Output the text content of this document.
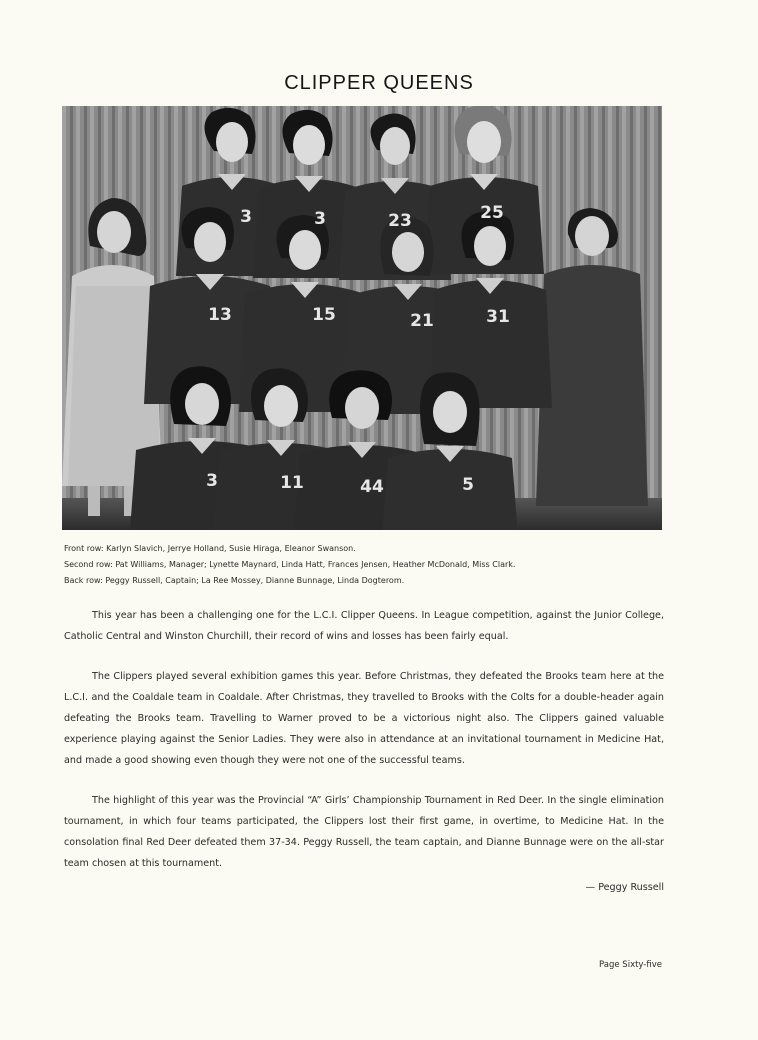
CLIPPER QUEENS
3	3	23	25
13	15	21	31
3	11	44	5
Front row: Karlyn Slavich, Jerrye Holland, Susie Hiraga, Eleanor Swanson.
Second row: Pat Williams, Manager; Lynette Maynard, Linda Hatt, Frances Jensen, Heather McDonald, Miss Clark.
Back row: Peggy Russell, Captain; La Ree Mossey, Dianne Bunnage, Linda Dogterom.

This year has been a challenging one for the L.C.I. Clipper Queens. In League competition, against the Junior College, Catholic Central and Winston Churchill, their record of wins and losses has been fairly equal.

The Clippers played several exhibition games this year. Before Christmas, they defeated the Brooks team here at the L.C.I. and the Coaldale team in Coaldale. After Christmas, they travelled to Brooks with the Colts for a double-header again defeating the Brooks team. Travelling to Warner proved to be a victorious night also. The Clippers gained valuable experience playing against the Senior Ladies. They were also in attendance at an invitational tournament in Medicine Hat, and made a good showing even though they were not one of the successful teams.

The highlight of this year was the Provincial “A” Girls’ Championship Tournament in Red Deer. In the single elimination tournament, in which four teams participated, the Clippers lost their first game, in overtime, to Medicine Hat. In the consolation final Red Deer defeated them 37-34. Peggy Russell, the team captain, and Dianne Bunnage were on the all-star team chosen at this tournament.

— Peggy Russell
Page Sixty-five
